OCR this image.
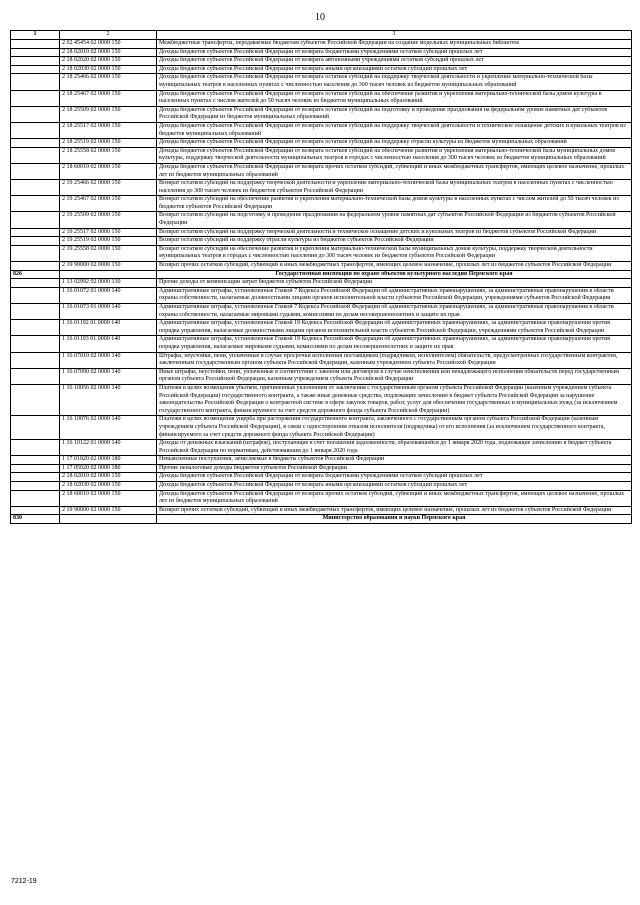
10
1	2	3
	2 02 45454 02 0000 150	Межбюджетные трансферты, передаваемые бюджетам субъектов Российской Федерации на создание модельных муниципальных библиотек
	2 18 02010 02 0000 150	Доходы бюджетов субъектов Российской Федерации от возврата бюджетными учреждениями остатков субсидий прошлых лет
	2 18 02020 02 0000 150	Доходы бюджетов субъектов Российской Федерации от возврата автономными учреждениями остатков субсидий прошлых лет
	2 18 02030 02 0000 150	Доходы бюджетов субъектов Российской Федерации от возврата иными организациями остатков субсидий прошлых лет
	2 18 25466 02 0000 150	Доходы бюджетов субъектов Российской Федерации от возврата остатков субсидий на поддержку творческой деятельности и укрепление материально-технической базы муниципальных театров в населенных пунктах с численностью населения до 300 тысяч человек из бюджетов муниципальных образований
	2 18 25467 02 0000 150	Доходы бюджетов субъектов Российской Федерации от возврата остатков субсидий на обеспечение развития и укрепления материально-технической базы домов культуры в населенных пунктах с числом жителей до 50 тысяч человек из бюджетов муниципальных образований
	2 18 25509 02 0000 150	Доходы бюджетов субъектов Российской Федерации от возврата остатков субсидий на подготовку и проведение празднования на федеральном уровне памятных дат субъектов Российской Федерации из бюджетов муниципальных образований
	2 18 25517 02 0000 150	Доходы бюджетов субъектов Российской Федерации от возврата остатков субсидий на поддержку творческой деятельности и техническое оснащение детских и кукольных театров из бюджетов муниципальных образований
	2 18 25519 02 0000 150	Доходы бюджетов субъектов Российской Федерации от возврата остатков субсидий на поддержку отрасли культуры из бюджетов муниципальных образований
	2 18 25558 02 0000 150	Доходы бюджетов субъектов Российской Федерации от возврата остатков субсидий на обеспечение развития и укрепления материально-технической базы муниципальных домов культуры, поддержку творческой деятельности муниципальных театров в городах с численностью населения до 300 тысяч человек из бюджетов муниципальных образований
	2 18 60010 02 0000 150	Доходы бюджетов субъектов Российской Федерации от возврата прочих остатков субсидий, субвенций и иных межбюджетных трансфертов, имеющих целевое назначение, прошлых лет из бюджетов муниципальных образований
	2 19 25466 02 0000 150	Возврат остатков субсидий на поддержку творческой деятельности и укрепление материально-технической базы муниципальных театров в населенных пунктах с численностью населения до 300 тысяч человек из бюджетов субъектов Российской Федерации
	2 19 25467 02 0000 150	Возврат остатков субсидий на обеспечение развития и укрепления материально-технической базы домов культуры в населенных пунктах с числом жителей до 50 тысяч человек из бюджетов субъектов Российской Федерации
	2 19 25509 02 0000 150	Возврат остатков субсидий на подготовку и проведение празднования на федеральном уровне памятных дат субъектов Российской Федерации из бюджетов субъектов Российской Федерации
	2 19 25517 02 0000 150	Возврат остатков субсидий на поддержку творческой деятельности и техническое оснащение детских и кукольных театров из бюджетов субъектов Российской Федерации
	2 19 25519 02 0000 150	Возврат остатков субсидий на поддержку отрасли культуры из бюджетов субъектов Российской Федерации
	2 19 25558 02 0000 150	Возврат остатков субсидий на обеспечение развития и укрепления материально-технической базы муниципальных домов культуры, поддержку творческой деятельности муниципальных театров в городах с численностью населения до 300 тысяч человек из бюджетов субъектов Российской Федерации
	2 19 90000 02 0000 150	Возврат прочих остатков субсидий, субвенций и иных межбюджетных трансфертов, имеющих целевое назначение, прошлых лет из бюджетов субъектов Российской Федерации
826		Государственная инспекция по охране объектов культурного наследия Пермского края
	1 13 02992 02 0000 130	Прочие доходы от компенсации затрат бюджетов субъектов Российской Федерации
	1 16 01072 01 0000 140	Административные штрафы, установленные Главой 7 Кодекса Российской Федерации об административных правонарушениях, за административные правонарушения в области охраны собственности, налагаемые должностными лицами органов исполнительной власти субъектов Российской Федерации, учреждениями субъектов Российской Федерации
	1 16 01073 01 0000 140	Административные штрафы, установленные Главой 7 Кодекса Российской Федерации об административных правонарушениях, за административные правонарушения в области охраны собственности, налагаемые мировыми судьями, комиссиями по делам несовершеннолетних и защите их прав
	1 16 01192 01 0000 140	Административные штрафы, установленные Главой 19 Кодекса Российской Федерации об административных правонарушениях, за административные правонарушения против порядка управления, налагаемые должностными лицами органов исполнительной власти субъектов Российской Федерации, учреждениями субъектов Российской Федерации
	1 16 01193 01 0000 140	Административные штрафы, установленные Главой 19 Кодекса Российской Федерации об административных правонарушениях, за административные правонарушения против порядка управления, налагаемые мировыми судьями, комиссиями по делам несовершеннолетних и защите их прав
	1 16 07010 02 0000 140	Штрафы, неустойки, пени, уплаченные в случае просрочки исполнения поставщиком (подрядчиком, исполнителем) обязательств, предусмотренных государственным контрактом, заключенным государственным органом субъекта Российской Федерации, казенным учреждением субъекта Российской Федерации
	1 16 07090 02 0000 140	Иные штрафы, неустойки, пени, уплаченные в соответствии с законом или договором в случае неисполнения или ненадлежащего исполнения обязательств перед государственным органом субъекта Российской Федерации, казенным учреждением субъекта Российской Федерации
	1 16 10056 02 0000 140	Платежи в целях возмещения убытков, причиненных уклонением от заключения с государственным органом субъекта Российской Федерации (казенным учреждением субъекта Российской Федерации) государственного контракта, а также иные денежные средства, подлежащие зачислению в бюджет субъекта Российской Федерации за нарушение законодательства Российской Федерации о контрактной системе в сфере закупок товаров, работ, услуг для обеспечения государственных и муниципальных нужд (за исключением государственного контракта, финансируемого за счет средств дорожного фонда субъекта Российской Федерации)
	1 16 10076 02 0000 140	Платежи в целях возмещения ущерба при расторжении государственного контракта, заключенного с государственным органом субъекта Российской Федерации (казенным учреждением субъекта Российской Федерации), в связи с односторонним отказом исполнителя (подрядчика) от его исполнения (за исключением государственного контракта, финансируемого за счет средств дорожного фонда субъекта Российской Федерации)
	1 16 10122 01 0000 140	Доходы от денежных взысканий (штрафов), поступающие в счет погашения задолженности, образовавшейся до 1 января 2020 года, подлежащие зачислению в бюджет субъекта Российской Федерации по нормативам, действовавшим до 1 января 2020 года
	1 17 01020 02 0000 180	Невыясненные поступления, зачисляемые в бюджеты субъектов Российской Федерации
	1 17 05020 02 0000 180	Прочие неналоговые доходы бюджетов субъектов Российской Федерации
	2 18 02010 02 0000 150	Доходы бюджетов субъектов Российской Федерации от возврата бюджетными учреждениями остатков субсидий прошлых лет
	2 18 02030 02 0000 150	Доходы бюджетов субъектов Российской Федерации от возврата иными организациями остатков субсидий прошлых лет
	2 18 60010 02 0000 150	Доходы бюджетов субъектов Российской Федерации от возврата прочих остатков субсидий, субвенций и иных межбюджетных трансфертов, имеющих целевое назначение, прошлых лет из бюджетов муниципальных образований
	2 19 90000 02 0000 150	Возврат прочих остатков субсидий, субвенций и иных межбюджетных трансфертов, имеющих целевое назначение, прошлых лет из бюджетов субъектов Российской Федерации
830		Министерство образования и науки Пермского края
7212-19
